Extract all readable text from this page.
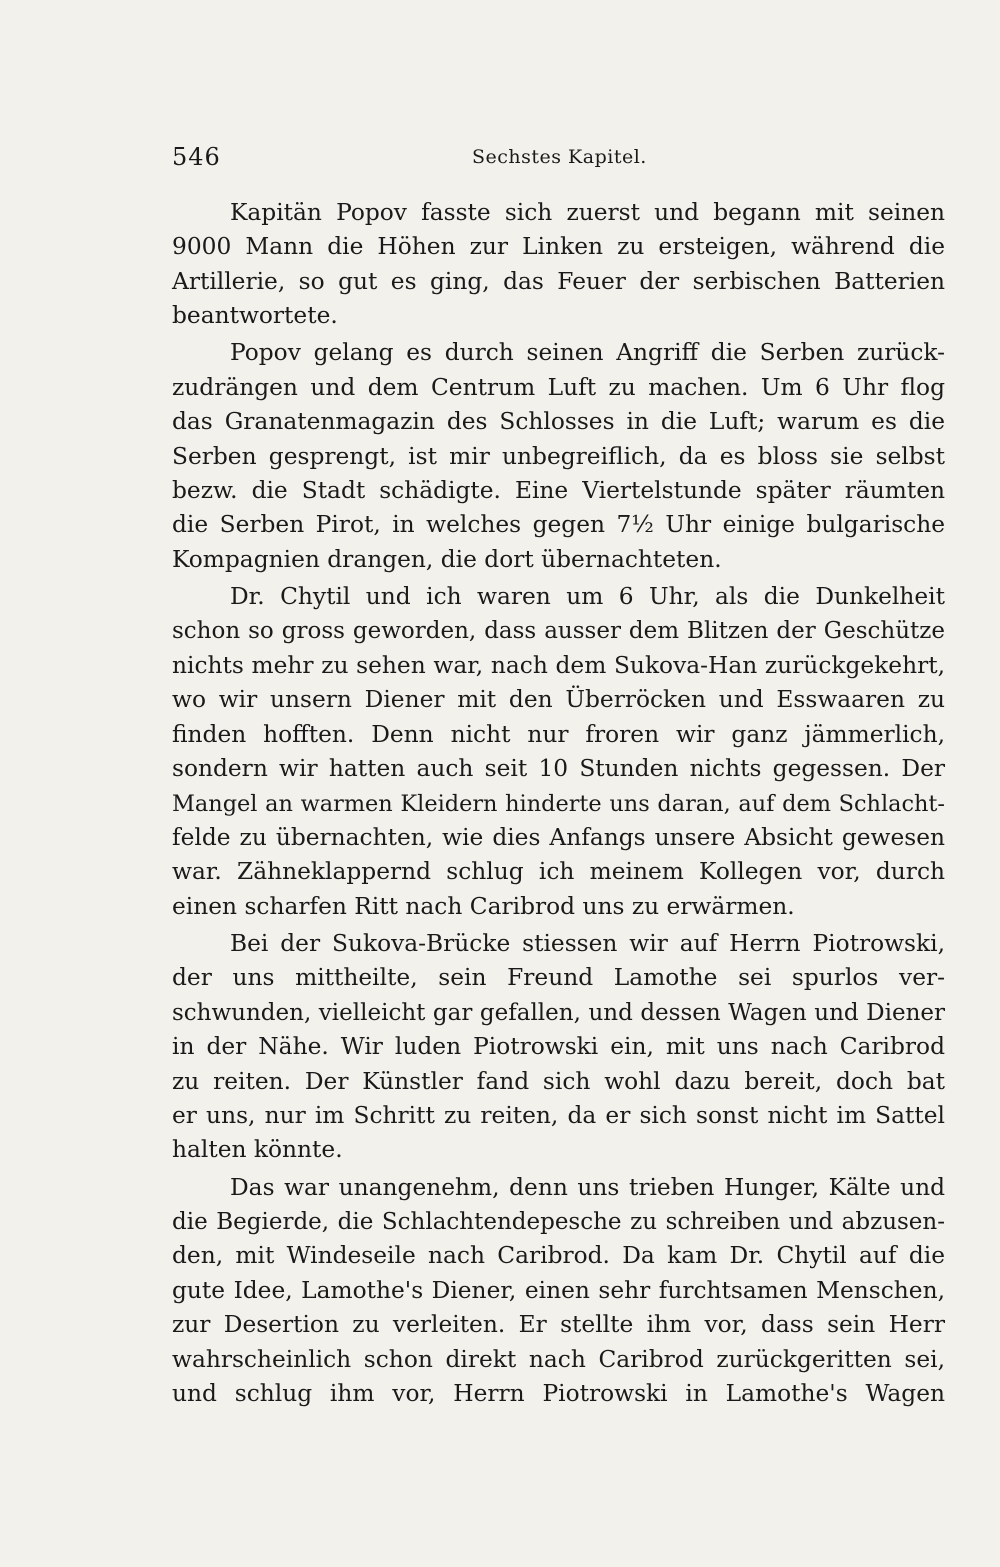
546	Sechstes Kapitel.
Kapitän Popov fasste sich zuerst und begann mit seinen
9000 Mann die Höhen zur Linken zu ersteigen, während die
Artillerie, so gut es ging, das Feuer der serbischen Batterien
beantwortete.
Popov gelang es durch seinen Angriff die Serben zurück-
zudrängen und dem Centrum Luft zu machen. Um 6 Uhr flog
das Granatenmagazin des Schlosses in die Luft; warum es die
Serben gesprengt, ist mir unbegreiflich, da es bloss sie selbst
bezw. die Stadt schädigte. Eine Viertelstunde später räumten
die Serben Pirot, in welches gegen 7½ Uhr einige bulgarische
Kompagnien drangen, die dort übernachteten.
Dr. Chytil und ich waren um 6 Uhr, als die Dunkelheit
schon so gross geworden, dass ausser dem Blitzen der Geschütze
nichts mehr zu sehen war, nach dem Sukova-Han zurückgekehrt,
wo wir unsern Diener mit den Überröcken und Esswaaren zu
finden hofften. Denn nicht nur froren wir ganz jämmerlich,
sondern wir hatten auch seit 10 Stunden nichts gegessen. Der
Mangel an warmen Kleidern hinderte uns daran, auf dem Schlacht-
felde zu übernachten, wie dies Anfangs unsere Absicht gewesen
war. Zähneklappernd schlug ich meinem Kollegen vor, durch
einen scharfen Ritt nach Caribrod uns zu erwärmen.
Bei der Sukova-Brücke stiessen wir auf Herrn Piotrowski,
der uns mittheilte, sein Freund Lamothe sei spurlos ver-
schwunden, vielleicht gar gefallen, und dessen Wagen und Diener
in der Nähe. Wir luden Piotrowski ein, mit uns nach Caribrod
zu reiten. Der Künstler fand sich wohl dazu bereit, doch bat
er uns, nur im Schritt zu reiten, da er sich sonst nicht im Sattel
halten könnte.
Das war unangenehm, denn uns trieben Hunger, Kälte und
die Begierde, die Schlachtendepesche zu schreiben und abzusen-
den, mit Windeseile nach Caribrod. Da kam Dr. Chytil auf die
gute Idee, Lamothe's Diener, einen sehr furchtsamen Menschen,
zur Desertion zu verleiten. Er stellte ihm vor, dass sein Herr
wahrscheinlich schon direkt nach Caribrod zurückgeritten sei,
und schlug ihm vor, Herrn Piotrowski in Lamothe's Wagen
